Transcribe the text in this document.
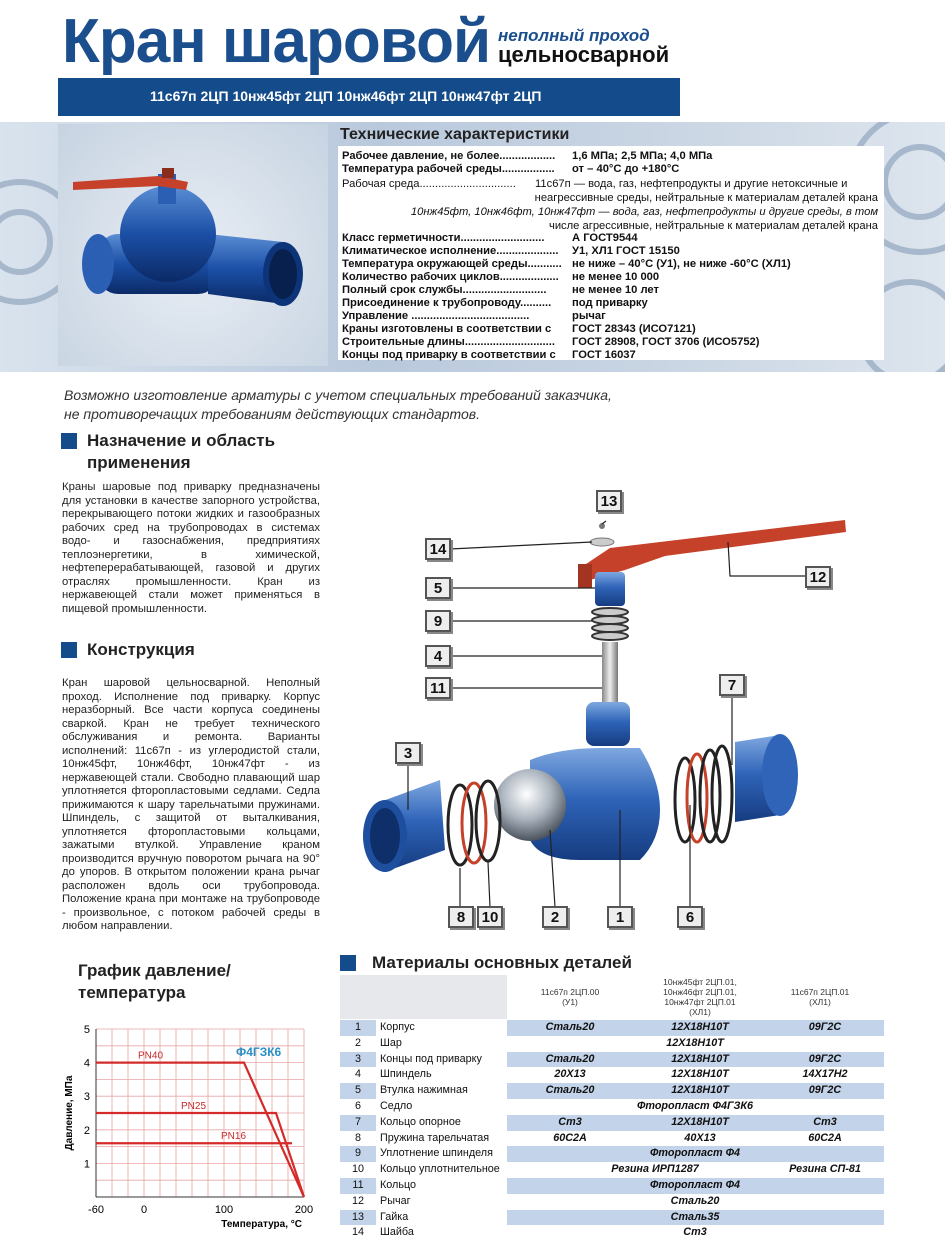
Кран шаровой неполный проход
цельносварной
11с67п 2ЦП 10нж45фт 2ЦП 10нж46фт 2ЦП 10нж47фт 2ЦП
Технические характеристики
Рабочее давление, не более.................. 1,6 МПа; 2,5 МПа; 4,0 МПа
Температура рабочей среды................. от – 40°С до +180°С
Рабочая среда............................... 11с67п — вода, газ, нефтепродукты и другие нетоксичные и
неагрессивные среды, нейтральные к материалам деталей крана
10нж45фт, 10нж46фт, 10нж47фт — вода, газ, нефтепродукты и другие среды, в том
числе агрессивные, нейтральные к материалам деталей крана
Класс герметичности........................... А ГОСТ9544
Климатическое исполнение.................... У1, ХЛ1 ГОСТ 15150
Температура окружающей среды........... не ниже – 40°С (У1), не ниже -60°С (ХЛ1)
Количество рабочих циклов................... не менее 10 000
Полный срок службы........................... не менее 10 лет
Присоединение к трубопроводу.......... под приварку
Управление ......................................	рычаг
Краны изготовлены в соответствии с ГОСТ 28343 (ИСО7121)
Строительные длины............................. ГОСТ 28908, ГОСТ 3706 (ИСО5752)
Концы под приварку в соответствии с ГОСТ 16037
Возможно изготовление арматуры с учетом специальных требований заказчика,
не противоречащих требованиям действующих стандартов.
Назначение и область
применения
Краны шаровые под приварку предназначены для установки в качестве запорного устройства, перекрывающего потоки жидких и газообразных рабочих сред на трубопроводах в системах водо- и газоснабжения, предприятиях теплоэнергетики, в химической, нефтеперерабатывающей, газовой и других отраслях промышленности. Кран из нержавеющей стали может применяться в пищевой промышленности.
Конструкция
Кран шаровой цельносварной. Неполный проход. Исполнение под приварку. Корпус неразборный. Все части корпуса соединены сваркой. Кран не требует технического обслуживания и ремонта. Варианты исполнений: 11с67п - из углеродистой стали, 10нж45фт, 10нж46фт, 10нж47фт - из нержавеющей стали. Свободно плавающий шар уплотняется фторопластовыми седлами. Седла прижимаются к шару тарельчатыми пружинами. Шпиндель, с защитой от выталкивания, уплотняется фторопластовыми кольцами, зажатыми втулкой. Управление краном производится вручную поворотом рычага на 90° до упоров. В открытом положении крана рычаг расположен вдоль оси трубопровода. Положение крана при монтаже на трубопроводе - произвольное, с потоком рабочей среды в любом направлении.
13
14
5
9
4
11
12
3
7
8	10	2	1	6
График давление/
температура
1
2
3
4
5
-60	0	100	200
PN40
PN25
PN16
Ф4ГЗК6
Давление, МПа
Температура, °С
Материалы основных деталей
11с67п 2ЦП.00
(У1)
10нж45фт 2ЦП.01,
10нж46фт 2ЦП.01,
10нж47фт 2ЦП.01
(ХЛ1)
11с67п 2ЦП.01
(ХЛ1)
1	Корпус	Сталь20	12Х18Н10Т	09Г2С
2	Шар	12Х18Н10Т
3	Концы под приварку	Сталь20	12Х18Н10Т	09Г2С
4	Шпиндель	20Х13	12Х18Н10Т	14Х17Н2
5	Втулка нажимная	Сталь20	12Х18Н10Т	09Г2С
6	Седло	Фторопласт Ф4ГЗК6
7	Кольцо опорное	Ст3	12Х18Н10Т	Ст3
8	Пружина тарельчатая	60С2А	40Х13	60С2А
9	Уплотнение шпинделя	Фторопласт Ф4
10	Кольцо уплотнительное	Резина ИРП1287	Резина СП-81
11	Кольцо	Фторопласт Ф4
12	Рычаг	Сталь20
13	Гайка	Сталь35
14	Шайба	Ст3
